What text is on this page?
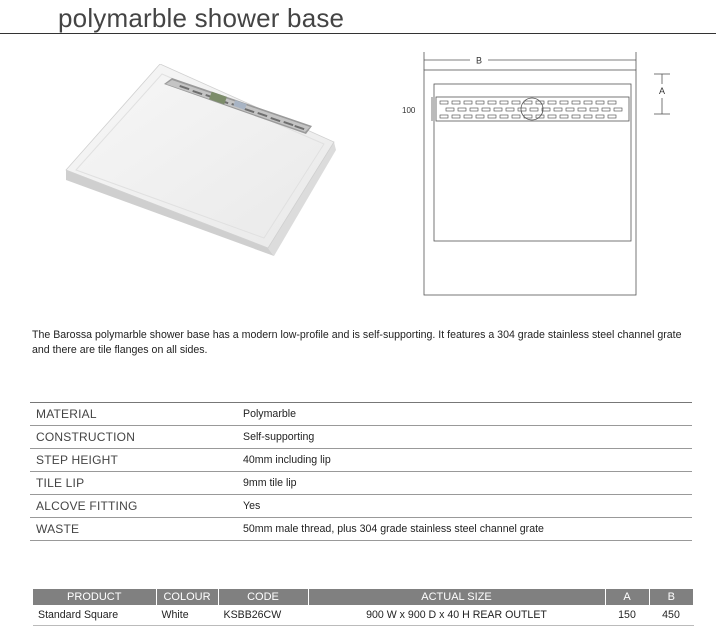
polymarble shower base
B
A
100
The Barossa polymarble shower base has a modern low-profile and is self-supporting. It features a 304 grade stainless steel channel grate and there are tile flanges on all sides.
MATERIAL	Polymarble
CONSTRUCTION	Self-supporting
STEP HEIGHT	40mm including lip
TILE LIP	9mm tile lip
ALCOVE FITTING	Yes
WASTE	50mm male thread, plus 304 grade stainless steel channel grate
PRODUCT	COLOUR	CODE	ACTUAL SIZE	A	B
Standard Square	White	KSBB26CW	900 W x 900 D x 40 H REAR OUTLET	150	450
